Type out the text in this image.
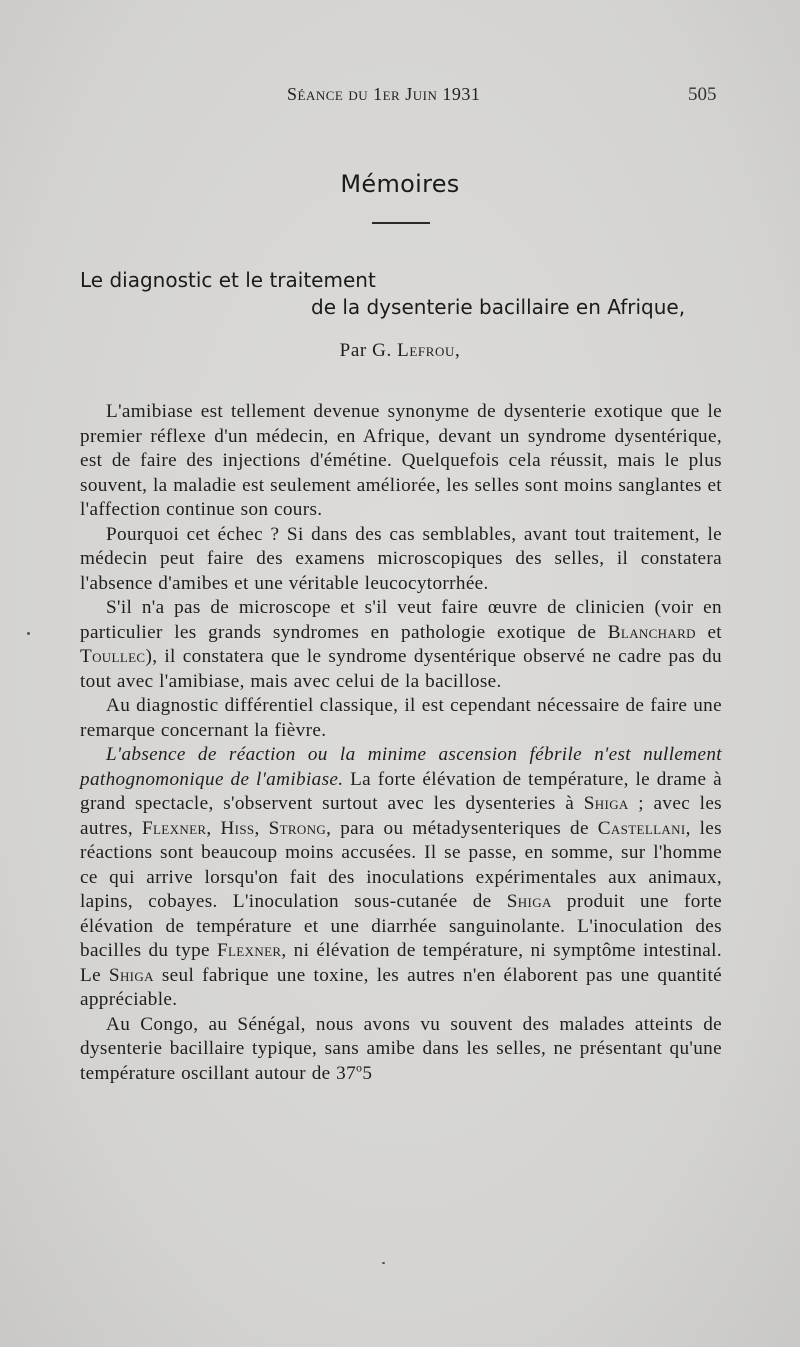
Séance du 1er Juin 1931	505
Mémoires
Le diagnostic et le traitement
de la dysenterie bacillaire en Afrique,
Par G. Lefrou,

L'amibiase est tellement devenue synonyme de dysenterie exotique que le premier réflexe d'un médecin, en Afrique, devant un syndrome dysentérique, est de faire des injections d'émétine. Quelquefois cela réussit, mais le plus souvent, la maladie est seulement améliorée, les selles sont moins sanglantes et l'affection continue son cours.

Pourquoi cet échec ? Si dans des cas semblables, avant tout traitement, le médecin peut faire des examens microscopiques des selles, il constatera l'absence d'amibes et une véritable leucocytorrhée.

S'il n'a pas de microscope et s'il veut faire œuvre de clinicien (voir en particulier les grands syndromes en pathologie exotique de Blanchard et Toullec), il constatera que le syndrome dysentérique observé ne cadre pas du tout avec l'amibiase, mais avec celui de la bacillose.

Au diagnostic différentiel classique, il est cependant nécessaire de faire une remarque concernant la fièvre.

L'absence de réaction ou la minime ascension fébrile n'est nullement pathognomonique de l'amibiase. La forte élévation de température, le drame à grand spectacle, s'observent surtout avec les dysenteries à Shiga ; avec les autres, Flexner, Hiss, Strong, para ou métadysenteriques de Castellani, les réactions sont beaucoup moins accusées. Il se passe, en somme, sur l'homme ce qui arrive lorsqu'on fait des inoculations expérimentales aux animaux, lapins, cobayes. L'inoculation sous-cutanée de Shiga produit une forte élévation de température et une diarrhée sanguinolante. L'inoculation des bacilles du type Flexner, ni élévation de température, ni symptôme intestinal. Le Shiga seul fabrique une toxine, les autres n'en élaborent pas une quantité appréciable.

Au Congo, au Sénégal, nous avons vu souvent des malades atteints de dysenterie bacillaire typique, sans amibe dans les selles, ne présentant qu'une température oscillant autour de 37$^o$5
